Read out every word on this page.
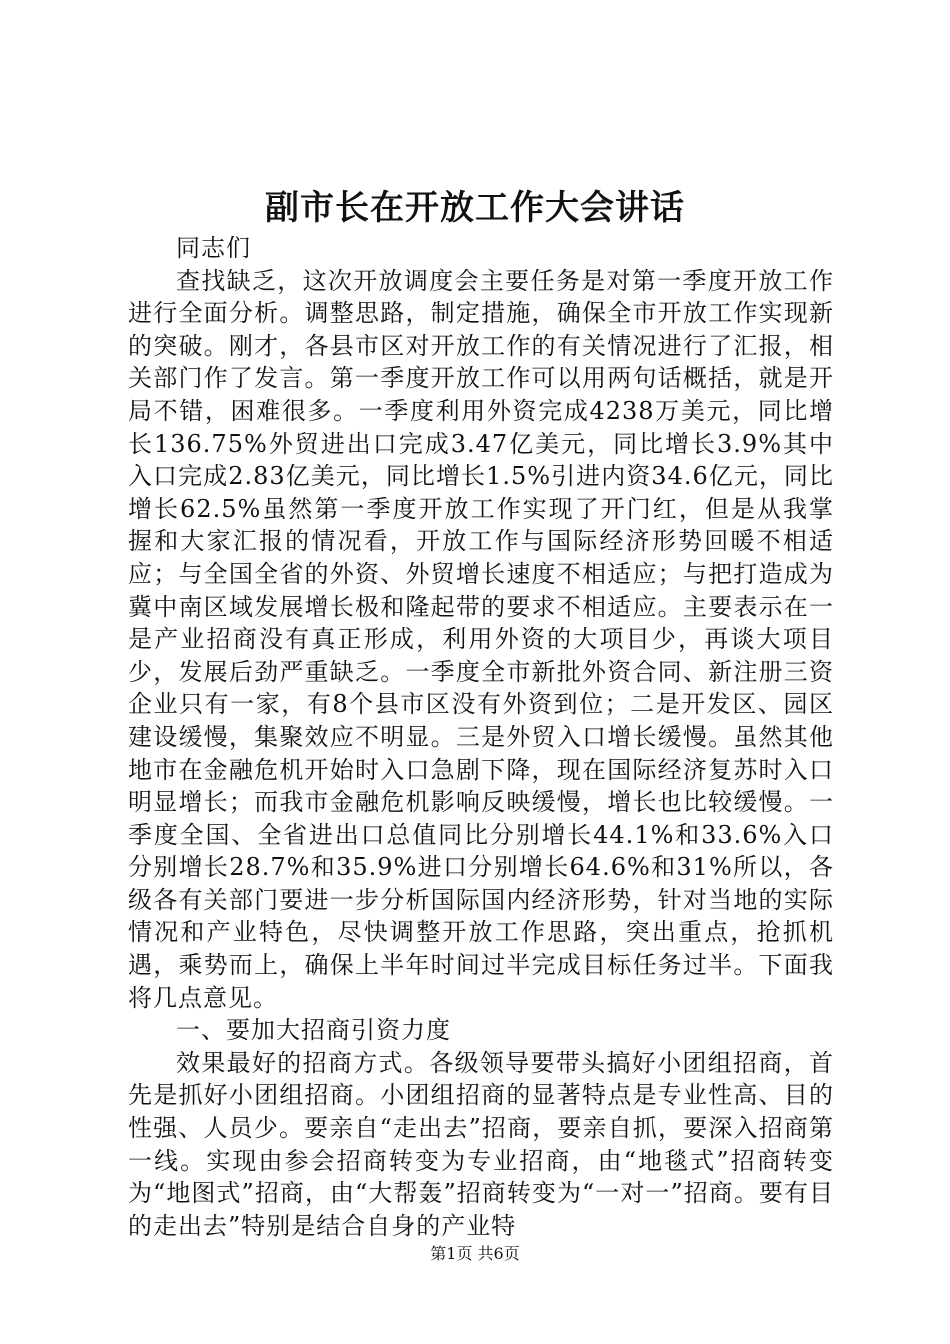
副市长在开放工作大会讲话

同志们

查找缺乏，这次开放调度会主要任务是对第一季度开放工作进行全面分析。调整思路，制定措施，确保全市开放工作实现新的突破。刚才，各县市区对开放工作的有关情况进行了汇报，相关部门作了发言。第一季度开放工作可以用两句话概括，就是开局不错，困难很多。一季度利用外资完成4238万美元，同比增长136.75%外贸进出口完成3.47亿美元，同比增长3.9%其中入口完成2.83亿美元，同比增长1.5%引进内资34.6亿元，同比增长62.5%虽然第一季度开放工作实现了开门红，但是从我掌握和大家汇报的情况看，开放工作与国际经济形势回暖不相适应；与全国全省的外资、外贸增长速度不相适应；与把打造成为冀中南区域发展增长极和隆起带的要求不相适应。主要表示在一是产业招商没有真正形成，利用外资的大项目少，再谈大项目少，发展后劲严重缺乏。一季度全市新批外资合同、新注册三资企业只有一家，有8个县市区没有外资到位；二是开发区、园区建设缓慢，集聚效应不明显。三是外贸入口增长缓慢。虽然其他地市在金融危机开始时入口急剧下降，现在国际经济复苏时入口明显增长；而我市金融危机影响反映缓慢，增长也比较缓慢。一季度全国、全省进出口总值同比分别增长44.1%和33.6%入口分别增长28.7%和35.9%进口分别增长64.6%和31%所以，各级各有关部门要进一步分析国际国内经济形势，针对当地的实际情况和产业特色，尽快调整开放工作思路，突出重点，抢抓机遇，乘势而上，确保上半年时间过半完成目标任务过半。下面我将几点意见。

一、要加大招商引资力度

效果最好的招商方式。各级领导要带头搞好小团组招商，首先是抓好小团组招商。小团组招商的显著特点是专业性高、目的性强、人员少。要亲自“走出去”招商，要亲自抓，要深入招商第一线。实现由参会招商转变为专业招商，由“地毯式”招商转变为“地图式”招商，由“大帮轰”招商转变为“一对一”招商。要有目的走出去”特别是结合自身的产业特

第1页 共6页
